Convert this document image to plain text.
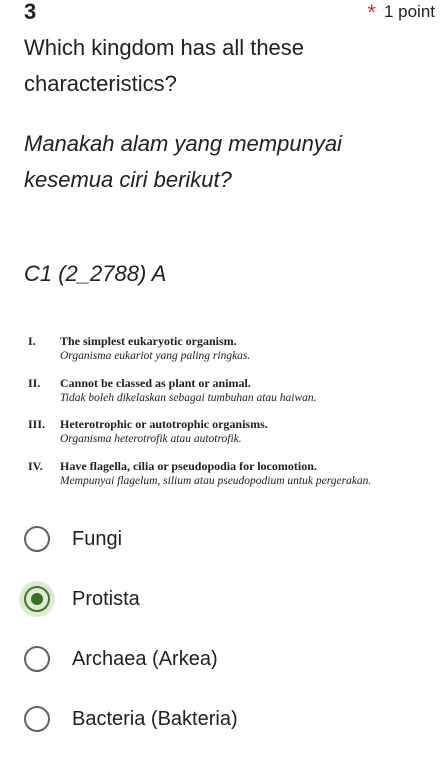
3	* 1 point
Which kingdom has all these characteristics?
Manakah alam yang mempunyai kesemua ciri berikut?
C1 (2_2788) A
I. The simplest eukaryotic organism.
Organisma eukariot yang paling ringkas.
II. Cannot be classed as plant or animal.
Tidak boleh dikelaskan sebagai tumbuhan atau haiwan.
III. Heterotrophic or autotrophic organisms.
Organisma heterotrofik atau autotrofik.
IV. Have flagella, cilia or pseudopodia for locomotion.
Mempunyai flagelum, silium atau pseudopodium untuk pergerakan.
Fungi
Protista
Archaea (Arkea)
Bacteria (Bakteria)
